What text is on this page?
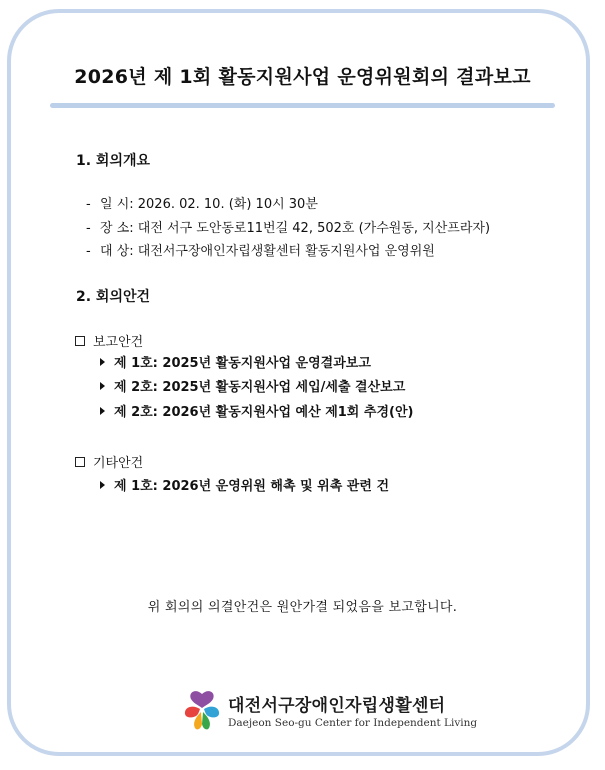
2026년 제 1회 활동지원사업 운영위원회의 결과보고
1. 회의개요
- 일 시: 2026. 02. 10. (화) 10시 30분
- 장 소: 대전 서구 도안동로11번길 42, 502호 (가수원동, 지산프라자)
- 대 상: 대전서구장애인자립생활센터 활동지원사업 운영위원
2. 회의안건
보고안건
제 1호: 2025년 활동지원사업 운영결과보고
제 2호: 2025년 활동지원사업 세입/세출 결산보고
제 2호: 2026년 활동지원사업 예산 제1회 추경(안)
기타안건
제 1호: 2026년 운영위원 해촉 및 위촉 관련 건
위 회의의 의결안건은 원안가결 되었음을 보고합니다.
대전서구장애인자립생활센터
Daejeon Seo-gu Center for Independent Living
